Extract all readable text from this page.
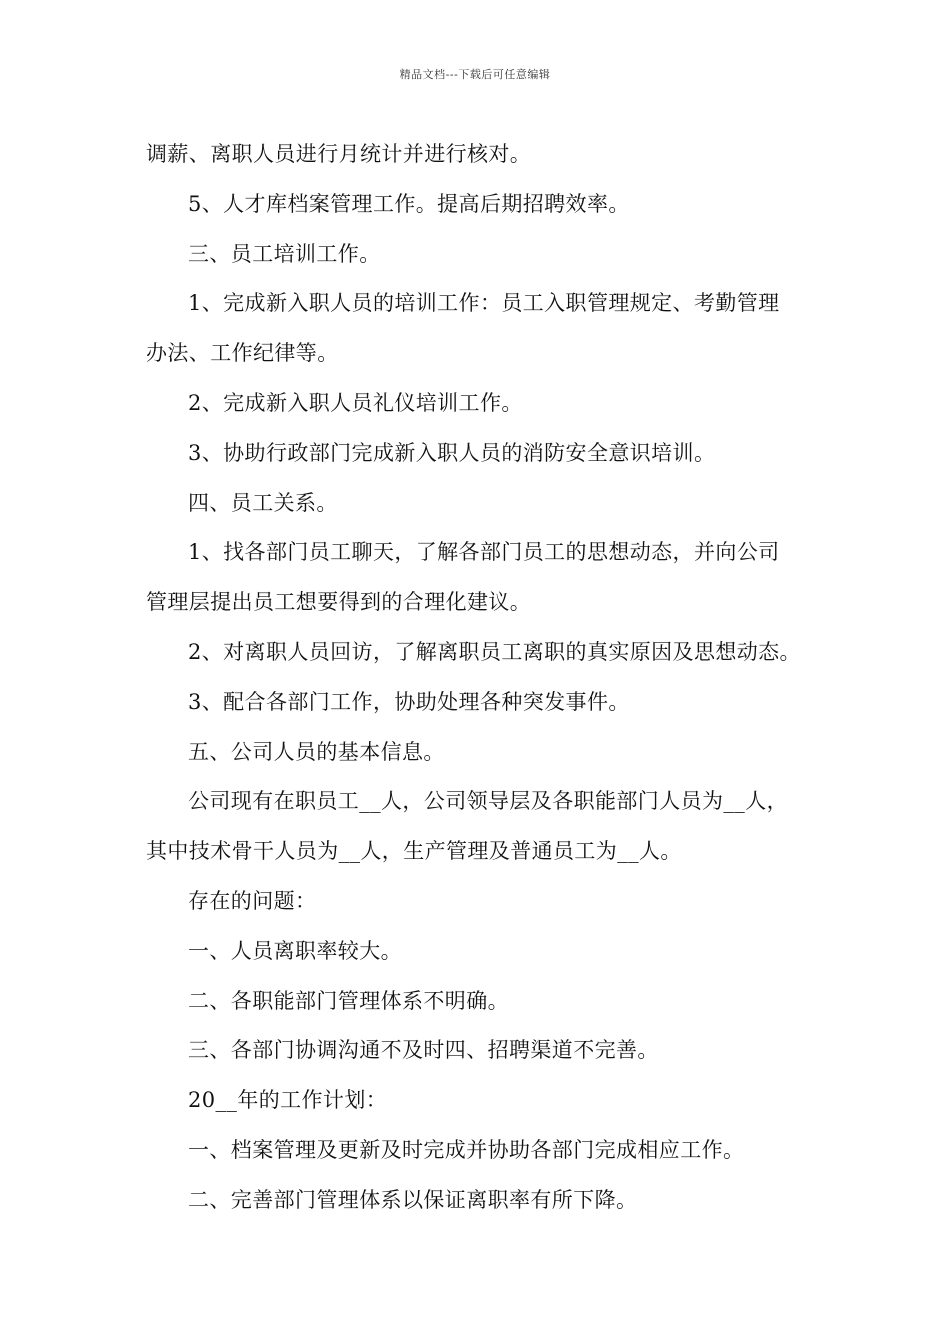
精品文档---下载后可任意编辑
调薪、离职人员进行月统计并进行核对。
5、人才库档案管理工作。提高后期招聘效率。
三、员工培训工作。
1、完成新入职人员的培训工作：员工入职管理规定、考勤管理
办法、工作纪律等。
2、完成新入职人员礼仪培训工作。
3、协助行政部门完成新入职人员的消防安全意识培训。
四、员工关系。
1、找各部门员工聊天，了解各部门员工的思想动态，并向公司
管理层提出员工想要得到的合理化建议。
2、对离职人员回访，了解离职员工离职的真实原因及思想动态。
3、配合各部门工作，协助处理各种突发事件。
五、公司人员的基本信息。
公司现有在职员工__人，公司领导层及各职能部门人员为__人，
其中技术骨干人员为__人，生产管理及普通员工为__人。
存在的问题：
一、人员离职率较大。
二、各职能部门管理体系不明确。
三、各部门协调沟通不及时四、招聘渠道不完善。
20__年的工作计划：
一、档案管理及更新及时完成并协助各部门完成相应工作。
二、完善部门管理体系以保证离职率有所下降。
